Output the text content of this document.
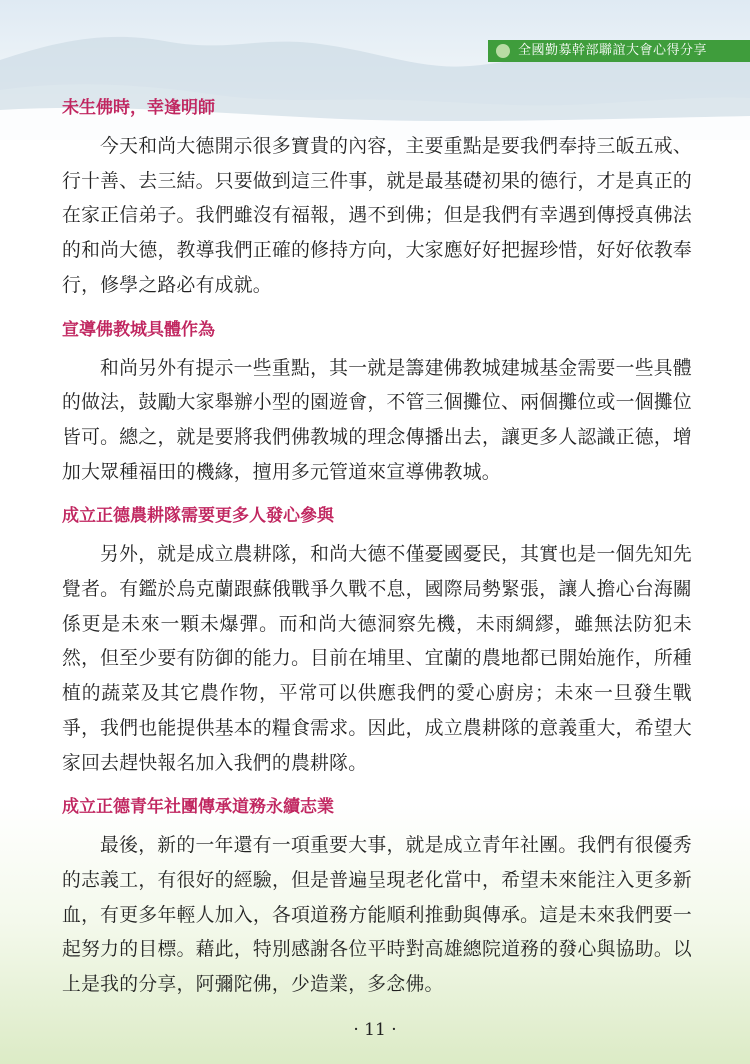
全國勤募幹部聯誼大會心得分享
未生佛時，幸逢明師

今天和尚大德開示很多寶貴的內容，主要重點是要我們奉持三皈五戒、行十善、去三結。只要做到這三件事，就是最基礎初果的德行，才是真正的在家正信弟子。我們雖沒有福報，遇不到佛；但是我們有幸遇到傳授真佛法的和尚大德，教導我們正確的修持方向，大家應好好把握珍惜，好好依教奉行，修學之路必有成就。

宣導佛教城具體作為

和尚另外有提示一些重點，其一就是籌建佛教城建城基金需要一些具體的做法，鼓勵大家舉辦小型的園遊會，不管三個攤位、兩個攤位或一個攤位皆可。總之，就是要將我們佛教城的理念傳播出去，讓更多人認識正德，增加大眾種福田的機緣，擅用多元管道來宣導佛教城。

成立正德農耕隊需要更多人發心參與

另外，就是成立農耕隊，和尚大德不僅憂國憂民，其實也是一個先知先覺者。有鑑於烏克蘭跟蘇俄戰爭久戰不息，國際局勢緊張，讓人擔心台海關係更是未來一顆未爆彈。而和尚大德洞察先機，未雨綢繆，雖無法防犯未然，但至少要有防御的能力。目前在埔里、宜蘭的農地都已開始施作，所種植的蔬菜及其它農作物，平常可以供應我們的愛心廚房；未來一旦發生戰爭，我們也能提供基本的糧食需求。因此，成立農耕隊的意義重大，希望大家回去趕快報名加入我們的農耕隊。

成立正德青年社團傳承道務永續志業

最後，新的一年還有一項重要大事，就是成立青年社團。我們有很優秀的志義工，有很好的經驗，但是普遍呈現老化當中，希望未來能注入更多新血，有更多年輕人加入，各項道務方能順利推動與傳承。這是未來我們要一起努力的目標。藉此，特別感謝各位平時對高雄總院道務的發心與協助。以上是我的分享，阿彌陀佛，少造業，多念佛。

· 11 ·
